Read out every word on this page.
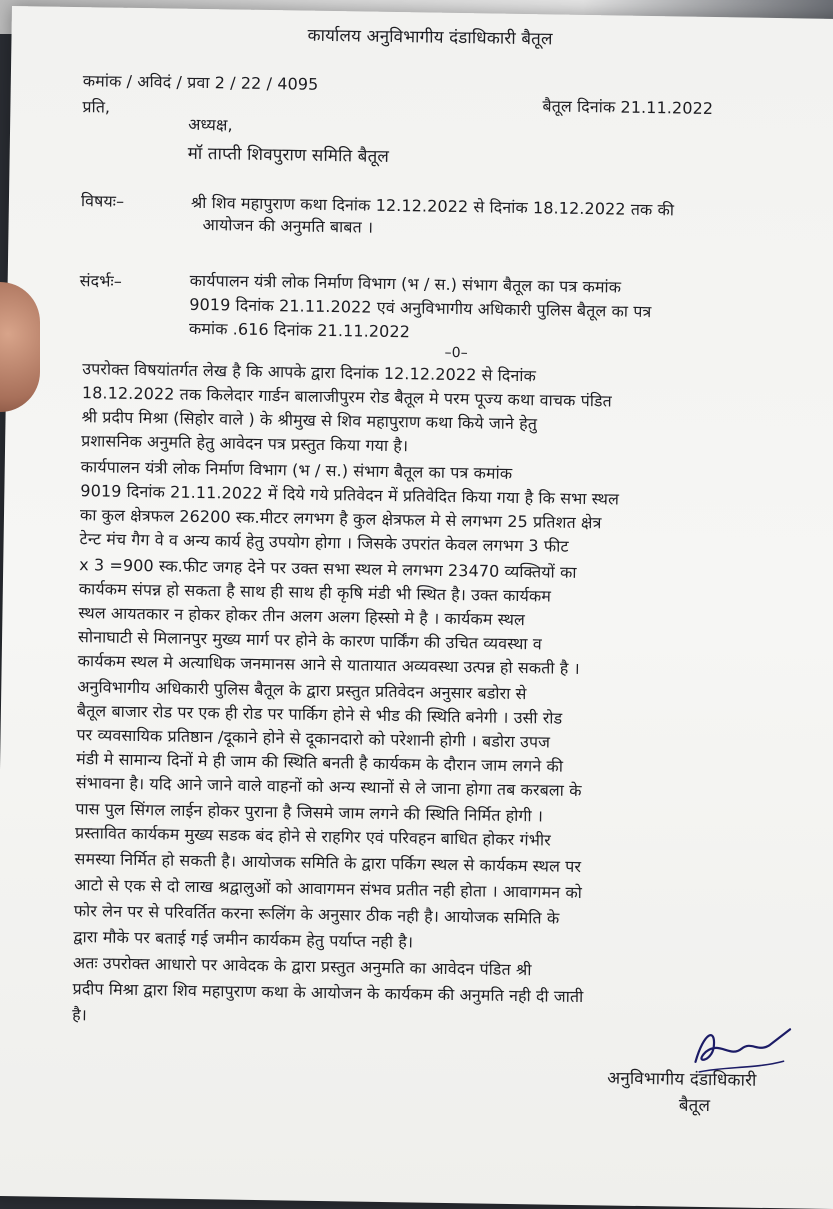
कार्यालय अनुविभागीय दंडाधिकारी बैतूल
कमांक / अविदं / प्रवा 2 / 22 / 4095
बैतूल दिनांक 21.11.2022
प्रति,
अध्यक्ष,
मॉ ताप्ती शिवपुराण समिति बैतूल
विषयः–	श्री शिव महापुराण कथा दिनांक 12.12.2022 से दिनांक 18.12.2022 तक की
आयोजन की अनुमति बाबत ।
संदर्भः–	कार्यपालन यंत्री लोक निर्माण विभाग (भ / स.) संभाग बैतूल का पत्र कमांक
9019 दिनांक 21.11.2022 एवं अनुविभागीय अधिकारी पुलिस बैतूल का पत्र
कमांक .616 दिनांक 21.11.2022
–0–
उपरोक्त विषयांतर्गत लेख है कि आपके द्वारा दिनांक 12.12.2022 से दिनांक
18.12.2022 तक किलेदार गार्डन बालाजीपुरम रोड बैतूल मे परम पूज्य कथा वाचक पंडित
श्री प्रदीप मिश्रा (सिहोर वाले ) के श्रीमुख से शिव महापुराण कथा किये जाने हेतु
प्रशासनिक अनुमति हेतु आवेदन पत्र प्रस्तुत किया गया है।
कार्यपालन यंत्री लोक निर्माण विभाग (भ / स.) संभाग बैतूल का पत्र कमांक
9019 दिनांक 21.11.2022 में दिये गये प्रतिवेदन में प्रतिवेदित किया गया है कि सभा स्थल
का कुल क्षेत्रफल 26200 स्क.मीटर लगभग है कुल क्षेत्रफल मे से लगभग 25 प्रतिशत क्षेत्र
टेन्ट मंच गैग वे व अन्य कार्य हेतु उपयोग होगा । जिसके उपरांत केवल लगभग 3 फीट
x 3 =900 स्क.फीट जगह देने पर उक्त सभा स्थल मे लगभग 23470 व्यक्तियों का
कार्यकम संपन्न हो सकता है साथ ही साथ ही कृषि मंडी भी स्थित है। उक्त कार्यकम
स्थल आयतकार न होकर होकर तीन अलग अलग हिस्सो मे है । कार्यकम स्थल
सोनाघाटी से मिलानपुर मुख्य मार्ग पर होने के कारण पार्किंग की उचित व्यवस्था व
कार्यकम स्थल मे अत्याधिक जनमानस आने से यातायात अव्यवस्था उत्पन्न हो सकती है ।
अनुविभागीय अधिकारी पुलिस बैतूल के द्वारा प्रस्तुत प्रतिवेदन अनुसार बडोरा से
बैतूल बाजार रोड पर एक ही रोड पर पार्किग होने से भीड की स्थिति बनेगी । उसी रोड
पर व्यवसायिक प्रतिष्ठान /दूकाने होने से दूकानदारो को परेशानी होगी । बडोरा उपज
मंडी मे सामान्य दिनों मे ही जाम की स्थिति बनती है कार्यकम के दौरान जाम लगने की
संभावना है। यदि आने जाने वाले वाहनों को अन्य स्थानों से ले जाना होगा तब करबला के
पास पुल सिंगल लाईन होकर पुराना है जिसमे जाम लगने की स्थिति निर्मित होगी ।
प्रस्तावित कार्यकम मुख्य सडक बंद होने से राहगिर एवं परिवहन बाधित होकर गंभीर
समस्या निर्मित हो सकती है। आयोजक समिति के द्वारा पर्किग स्थल से कार्यकम स्थल पर
आटो से एक से दो लाख श्रद्वालुओं को आवागमन संभव प्रतीत नही होता । आवागमन को
फोर लेन पर से परिवर्तित करना रूलिंग के अनुसार ठीक नही है। आयोजक समिति के
द्वारा मौके पर बताई गई जमीन कार्यकम हेतु पर्याप्त नही है।
अतः उपरोक्त आधारो पर आवेदक के द्वारा प्रस्तुत अनुमति का आवेदन पंडित श्री
प्रदीप मिश्रा द्वारा शिव महापुराण कथा के आयोजन के कार्यकम की अनुमति नही दी जाती
है।
अनुविभागीय दंडाधिकारी
बैतूल
